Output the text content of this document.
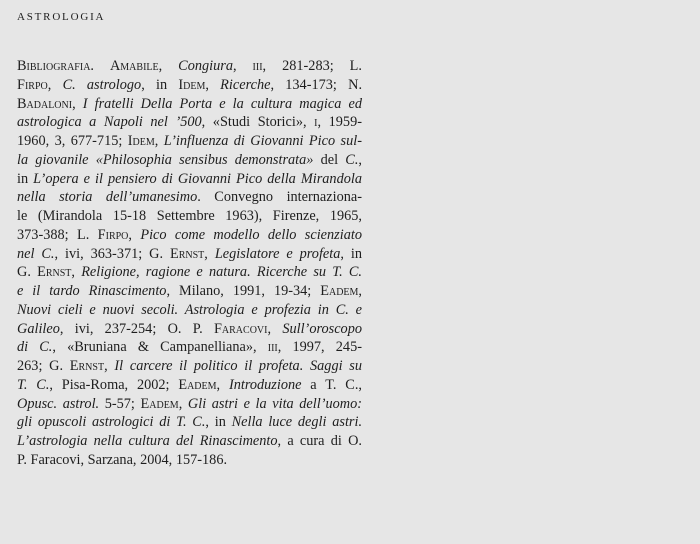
ASTROLOGIA
Bibliografia. Amabile, Congiura, iii, 281-283; L.
Firpo, C. astrologo, in Idem, Ricerche, 134-173; N.
Badaloni, I fratelli Della Porta e la cultura magica ed
astrologica a Napoli nel ’500, «Studi Storici», i, 1959-
1960, 3, 677-715; Idem, L’influenza di Giovanni Pico sul-
la giovanile «Philosophia sensibus demonstrata» del C.,
in L’opera e il pensiero di Giovanni Pico della Mirandola
nella storia dell’umanesimo. Convegno internaziona-
le (Mirandola 15-18 Settembre 1963), Firenze, 1965,
373-388; L. Firpo, Pico come modello dello scienziato
nel C., ivi, 363-371; G. Ernst, Legislatore e profeta, in
G. Ernst, Religione, ragione e natura. Ricerche su T. C.
e il tardo Rinascimento, Milano, 1991, 19-34; Eadem,
Nuovi cieli e nuovi secoli. Astrologia e profezia in C. e
Galileo, ivi, 237-254; O. P. Faracovi, Sull’oroscopo
di C., «Bruniana & Campanelliana», iii, 1997, 245-
263; G. Ernst, Il carcere il politico il profeta. Saggi su
T. C., Pisa-Roma, 2002; Eadem, Introduzione a T. C.,
Opusc. astrol. 5-57; Eadem, Gli astri e la vita dell’uomo:
gli opuscoli astrologici di T. C., in Nella luce degli astri.
L’astrologia nella cultura del Rinascimento, a cura di O.
P. Faracovi, Sarzana, 2004, 157-186.
